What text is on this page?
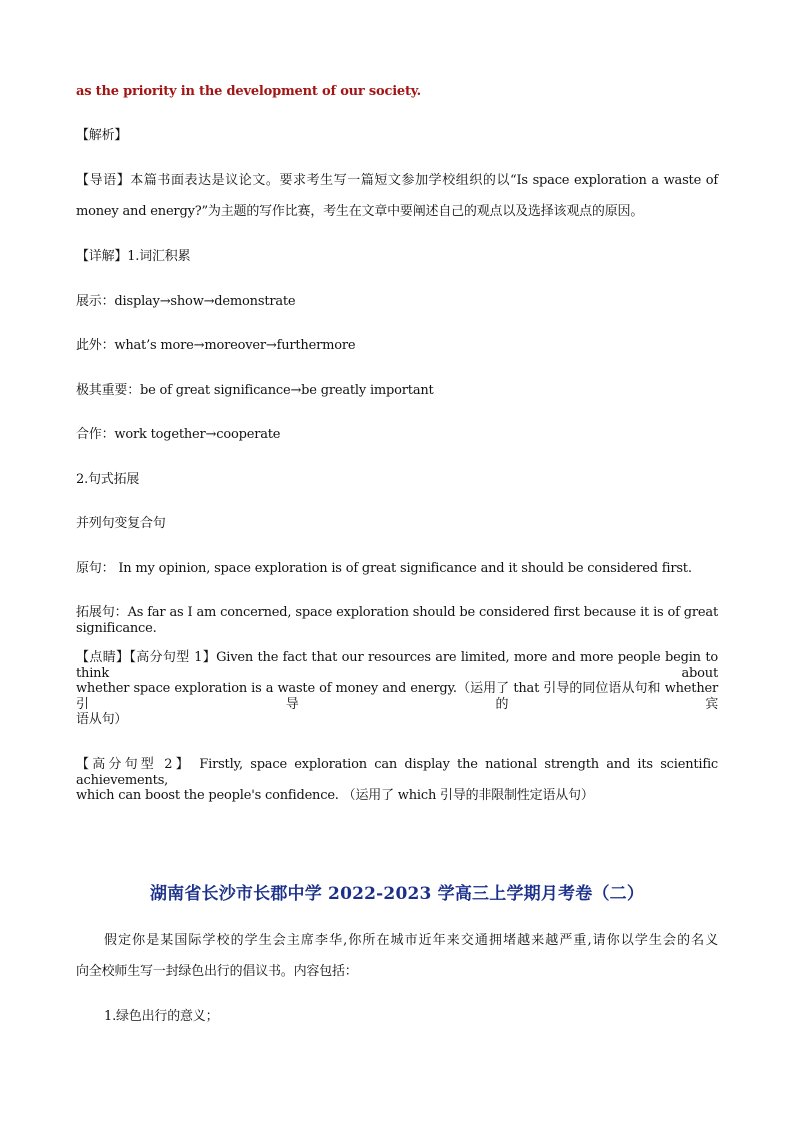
as the priority in the development of our society.
【解析】
【导语】本篇书面表达是议论文。要求考生写一篇短文参加学校组织的以“Is space exploration a waste of
money and energy?”为主题的写作比赛，考生在文章中要阐述自己的观点以及选择该观点的原因。
【详解】1.词汇积累
展示：display→show→demonstrate
此外：what’s more→moreover→furthermore
极其重要：be of great significance→be greatly important
合作：work together→cooperate
2.句式拓展
并列句变复合句
原句： In my opinion, space exploration is of great significance and it should be considered first.
拓展句：As far as I am concerned, space exploration should be considered first because it is of great significance.
【点睛】【高分句型 1】Given the fact that our resources are limited, more and more people begin to think about
whether space exploration is a waste of money and energy.（运用了 that 引导的同位语从句和 whether 引导的宾
语从句）
【高分句型 2】 Firstly, space exploration can display the national strength and its scientific achievements,
which can boost the people's confidence. （运用了 which 引导的非限制性定语从句）
湖南省长沙市长郡中学 2022-2023 学高三上学期月考卷（二）
假定你是某国际学校的学生会主席李华,你所在城市近年来交通拥堵越来越严重,请你以学生会的名义
向全校师生写一封绿色出行的倡议书。内容包括：
1.绿色出行的意义；
